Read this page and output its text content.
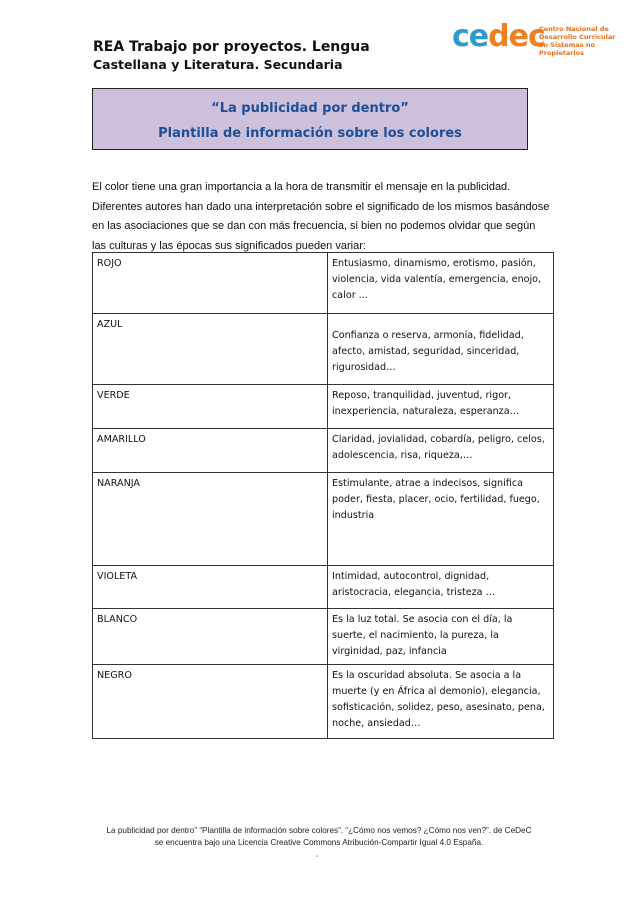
REA Trabajo por proyectos. Lengua
Castellana y Literatura. Secundaria
cedec
Centro Nacional de Desarrollo Curricular en Sistemas no Propietarios
“La publicidad por dentro”
Plantilla de información sobre los colores
El color tiene una gran importancia a la hora de transmitir el mensaje en la publicidad. Diferentes autores han dado una interpretación sobre el significado de los mismos basándose en las asociaciones que se dan con más frecuencia, si bien no podemos olvidar que según las culturas y las épocas sus significados pueden variar:
ROJO	Entusiasmo, dinamismo, erotismo, pasión, violencia, vida valentía, emergencia, enojo, calor ...
AZUL	Confianza o reserva, armonía, fidelidad, afecto, amistad, seguridad, sinceridad, rigurosidad…
VERDE	Reposo, tranquilidad, juventud, rigor, inexperiencia, naturaleza, esperanza…
AMARILLO	Claridad, jovialidad, cobardía, peligro, celos, adolescencia, risa, riqueza,…
NARANJA	Estimulante, atrae a indecisos, significa poder, fiesta, placer, ocio, fertilidad, fuego, industria
VIOLETA	Intimidad, autocontrol, dignidad, aristocracia, elegancia, tristeza …
BLANCO	Es la luz total. Se asocia con el día, la suerte, el nacimiento, la pureza, la virginidad, paz, infancia
NEGRO	Es la oscuridad absoluta. Se asocia a la muerte (y en África al demonio), elegancia, sofisticación, solidez, peso, asesinato, pena, noche, ansiedad…
La publicidad por dentro” “Plantilla de información sobre colores”. “¿Cómo nos vemos? ¿Cómo nos ven?”. de CeDeC
se encuentra bajo una Licencia Creative Commons Atribución-Compartir Igual 4.0 España.
"
